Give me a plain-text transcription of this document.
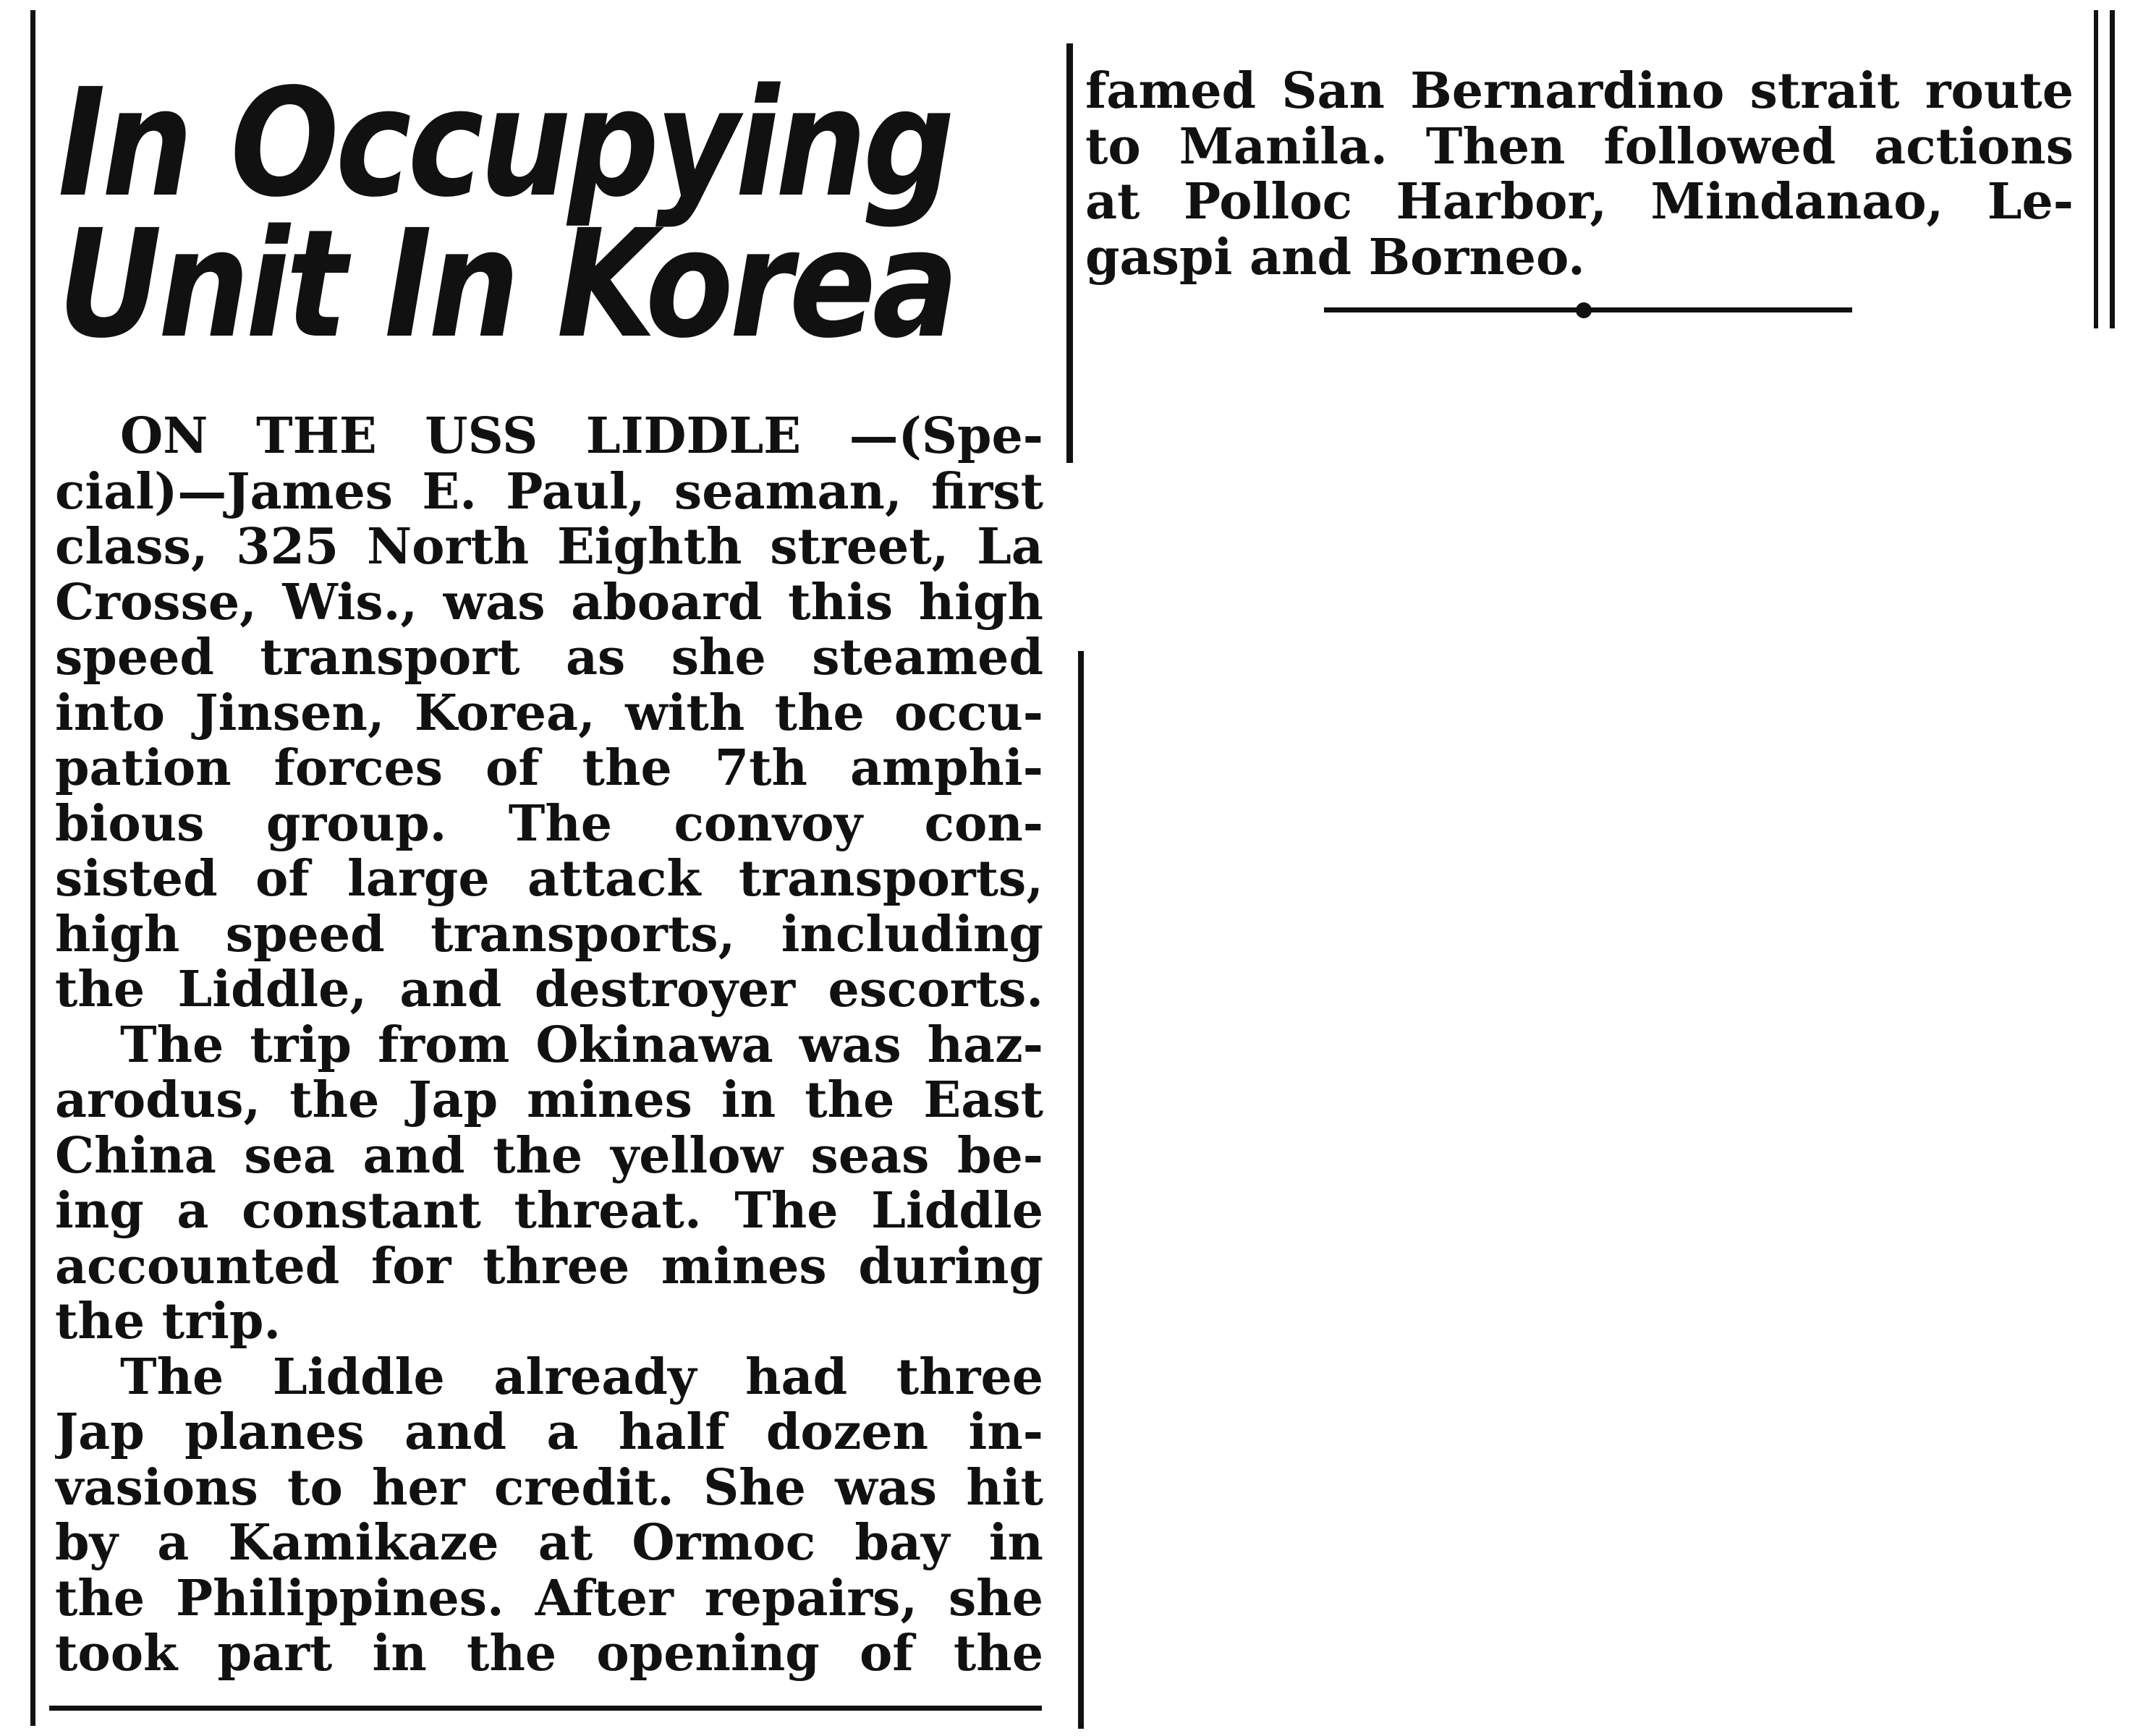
In Occupying
Unit In Korea
ON THE USS LIDDLE —(Spe-
cial)—James E. Paul, seaman, first
class, 325 North Eighth street, La
Crosse, Wis., was aboard this high
speed transport as she steamed
into Jinsen, Korea, with the occu-
pation forces of the 7th amphi-
bious group. The convoy con-
sisted of large attack transports,
high speed transports, including
the Liddle, and destroyer escorts.
The trip from Okinawa was haz-
arodus, the Jap mines in the East
China sea and the yellow seas be-
ing a constant threat. The Liddle
accounted for three mines during
the trip.
The Liddle already had three
Jap planes and a half dozen in-
vasions to her credit. She was hit
by a Kamikaze at Ormoc bay in
the Philippines. After repairs, she
took part in the opening of the
famed San Bernardino strait route
to Manila. Then followed actions
at Polloc Harbor, Mindanao, Le-
gaspi and Borneo.
